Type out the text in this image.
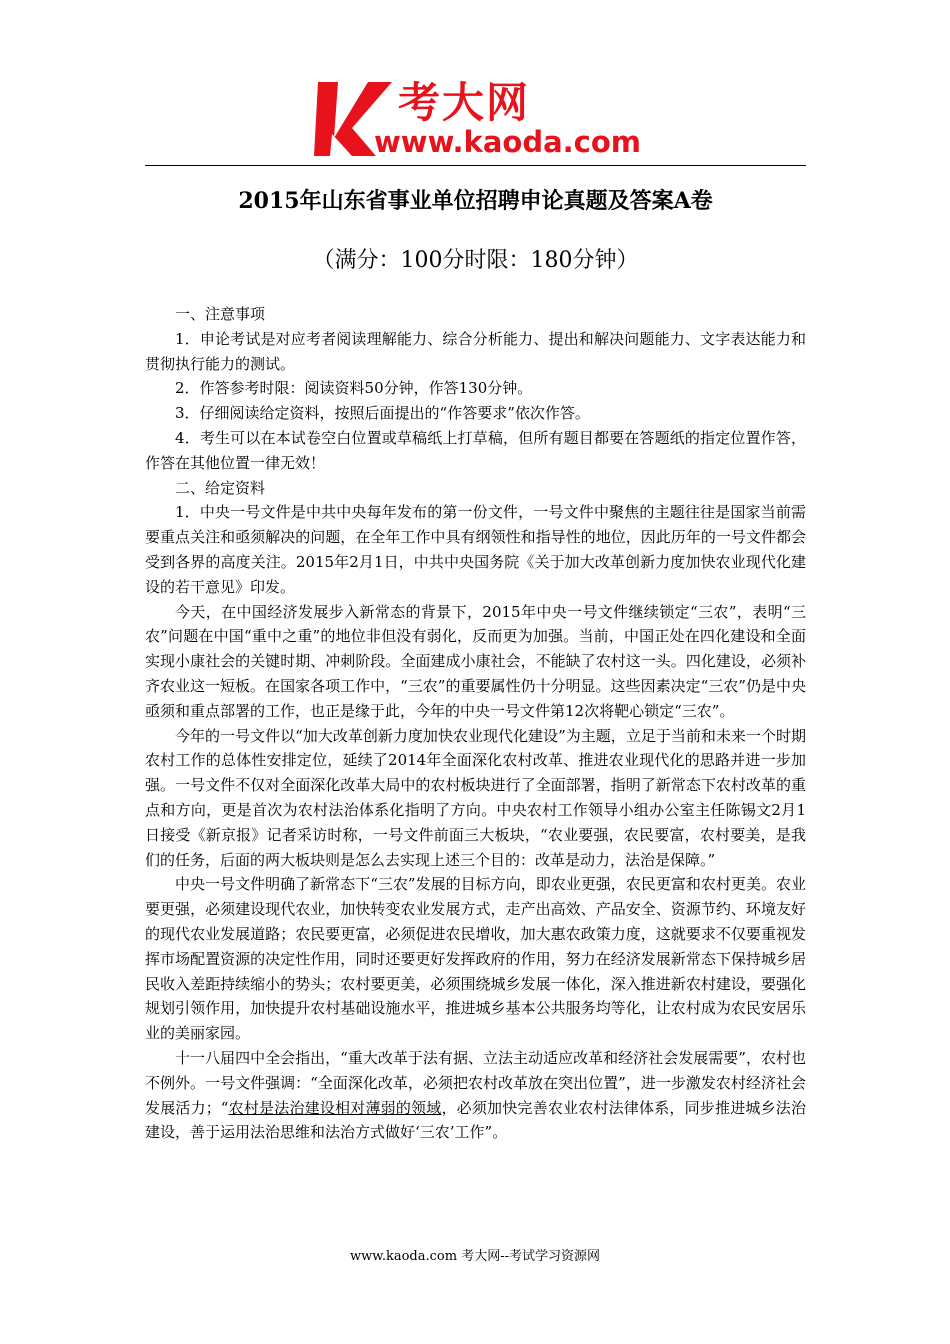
考大网
www.kaoda.com
2015年山东省事业单位招聘申论真题及答案A卷
（满分：100分时限：180分钟）

一、注意事项

1．申论考试是对应考者阅读理解能力、综合分析能力、提出和解决问题能力、文字表达能力和贯彻执行能力的测试。

2．作答参考时限：阅读资料50分钟，作答130分钟。

3．仔细阅读给定资料，按照后面提出的“作答要求”依次作答。

4．考生可以在本试卷空白位置或草稿纸上打草稿，但所有题目都要在答题纸的指定位置作答，作答在其他位置一律无效！

二、给定资料

1．中央一号文件是中共中央每年发布的第一份文件，一号文件中聚焦的主题往往是国家当前需要重点关注和亟须解决的问题，在全年工作中具有纲领性和指导性的地位，因此历年的一号文件都会受到各界的高度关注。2015年2月1日，中共中央国务院《关于加大改革创新力度加快农业现代化建设的若干意见》印发。

今天，在中国经济发展步入新常态的背景下，2015年中央一号文件继续锁定“三农”，表明“三农”问题在中国“重中之重”的地位非但没有弱化，反而更为加强。当前，中国正处在四化建设和全面实现小康社会的关键时期、冲刺阶段。全面建成小康社会，不能缺了农村这一头。四化建设，必须补齐农业这一短板。在国家各项工作中，“三农”的重要属性仍十分明显。这些因素决定“三农”仍是中央亟须和重点部署的工作，也正是缘于此，今年的中央一号文件第12次将靶心锁定“三农”。

今年的一号文件以“加大改革创新力度加快农业现代化建设”为主题，立足于当前和未来一个时期农村工作的总体性安排定位，延续了2014年全面深化农村改革、推进农业现代化的思路并进一步加强。一号文件不仅对全面深化改革大局中的农村板块进行了全面部署，指明了新常态下农村改革的重点和方向，更是首次为农村法治体系化指明了方向。中央农村工作领导小组办公室主任陈锡文2月1日接受《新京报》记者采访时称，一号文件前面三大板块，“农业要强，农民要富，农村要美，是我们的任务，后面的两大板块则是怎么去实现上述三个目的：改革是动力，法治是保障。”

中央一号文件明确了新常态下“三农”发展的目标方向，即农业更强，农民更富和农村更美。农业要更强，必须建设现代农业，加快转变农业发展方式，走产出高效、产品安全、资源节约、环境友好的现代农业发展道路；农民要更富，必须促进农民增收，加大惠农政策力度，这就要求不仅要重视发挥市场配置资源的决定性作用，同时还要更好发挥政府的作用，努力在经济发展新常态下保持城乡居民收入差距持续缩小的势头；农村要更美，必须围绕城乡发展一体化，深入推进新农村建设，要强化规划引领作用，加快提升农村基础设施水平，推进城乡基本公共服务均等化，让农村成为农民安居乐业的美丽家园。

十一八届四中全会指出，“重大改革于法有据、立法主动适应改革和经济社会发展需要”，农村也不例外。一号文件强调：“全面深化改革，必须把农村改革放在突出位置”，进一步激发农村经济社会发展活力；“农村是法治建设相对薄弱的领域，必须加快完善农业农村法律体系，同步推进城乡法治建设，善于运用法治思维和法治方式做好‘三农’工作”。

www.kaoda.com 考大网--考试学习资源网
